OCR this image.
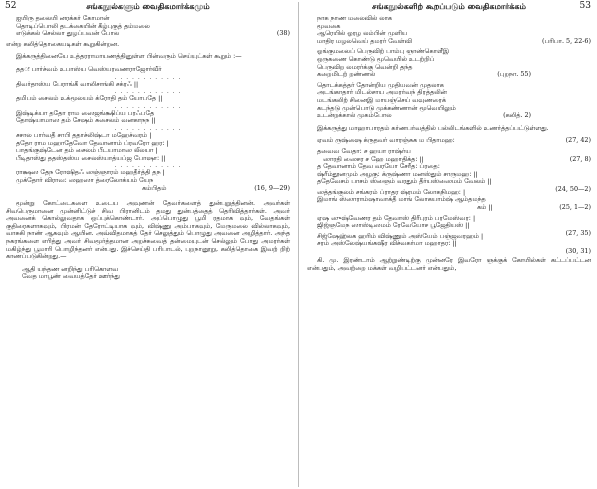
52	சங்கநூல்களும் வைதிகமார்க்கமும்
ஐயிரு தலையி னரக்கர் கோமான்
தொடிப்பொலி தடக்கையின் கீழ்புகுத் தம்மலை
எடுக்கல் செல்லா துழப்பவன் போல	(38)
என்ற கலித்தொகையடிகள் கூறுகின்றன.

இக்கருத்தினையே உத்தரராமாயணத்தினுள்ள பின்வரும் செய்யுட்கள் கூறும் :—

ததः பார்ச்வம் உபாஸ்ய வெஸ்யரவணராஜோர்வீர்
. . . . . . . . . . . .
திவர்தாஸ்ய பேராங்கீ வாலிசாங்கி சக்ரஃ ||
. . . . . . . . . . . .
தமிபம் சைலம் உக்மூலயம் க்ரோதி தம் யோபதே ||
. . . . . . . . . . . .
இஷ்டிக்யா ததோ ராம ஸைஜங்க்ஷிப்ய பரஃபதே
தோஷ்யாமாஸ தம் சேஷம் சுசைலம் வனகாநந ||
. . . . . . . . . . . .
சசால பார்வதீ சாபி ததாச்லிஷ்டா மஹேச்வரம் |
ததோ ராம மஹாதேவோ தேவானாம் ப்ரவரோ ஹர: |
பாதங்குஷ்டேன தம் சைலம் பீடயாமாஸ லீலயா |
பீடிதாஸ்து ததஸ்தஸ்ய சைலஸ்யாத்யப்ஜ போஷா: ||
. . . . . . . . . . . .
ராக்ஷஸ தேந ரோஷிதஃ ஸஞ்ஞாரம் மஹதீர்த்தி தந |
முக்தோர் விராவ: ஸஹஸா த்ரைலோக்யம் யேந
கம்பிதம்	(16, 9—29)

மூன்று கோட்டைகளை உடைய அவுணன் தேவர்களைத் துன்புறுத்தினன். அவர்கள் சிவபெருமானை முன்னிட்டுச் சிவ பிரானிடம் தமது துன்பத்தைத் தெரிவித்தார்கள். அவர் அவனைக் கொல்லுவதாக ஒப்புக்கொண்டார். அப்பொழுது பூமி ரதமாக வும், வேதங்கள் குதிரைகளாகவும், பிரமன் தேரோட்டியாக வும், விஷ்ணு அம்பாகவும், மேருமலை வில்லாகவும், வாசுகி நாண் ஆகவும் ஆயின. அவ்விதமாகத் தேர் செலுத்தும் பொழுது அவனை அழித்தார். அந்த நகரங்களை எரித்து அவர் சிவமூர்த்தமான அறச்சுவைத் தன்மையுடன் செல்லும் போது அமரர்கள் மகிழ்ந்து பூமாரி பொழிந்தனர் என்பது. இச்செய்தி பரிபாடல், புறநானூறு, கலித்தொகை இவற் றிற் காணப்படுகின்றது.—

ஆதி யந்தண னறிந்து பரிகொளவ
வேத மாபூண் வையத்தேர் ஊர்ந்து
சங்கநூல்களிற் கூறப்படும் வைதிகமார்க்கம்	53
நாக நாண மலைவில் லாக
மூவகை
ஆரெயில் ஓரழ லம்பின் முளிய
மாதிர மழலவெய் தமரர் வேள்வி	(பரிபா. 5, 22-6)
ஓங்குமலைப் பெருவிற் பாம்பு ஞாண்கொளீஇ
ஒருகணை கொண்டு மூவெயில் உடற்றிப்
பெருவிற லமரர்க்கு வென்றி தந்த
கறைமிடற் றண்ணல்	(புறநா. 55)
தொடக்கத்தர் தோன்றிய முதியவன் முதலாக
அடங்காதார் மிடல்சாய அமரர்வந் திரத்தலின்
மடங்கலிற் சினைஇ மாயஞ்செய் வவுணரைக்
கடந்தடு முன்பொடு முக்கண்ணான் மூவெயிலும்
உடன்றக்கால் முகம்போல	(கலித். 2)

இக்கருத்து மாஹாபாரதம் கர்ணபர்வத்தில் பல்லிடங்களில் உணர்த்தப்பட்டுள்ளது.

ஏவம் ருஷ்ஷை க்ருதவர் வாரஞ்சுக ம பிதாமஹ:	(27, 42)
தவைவ வேதா: ச ஹயா ராஷ்ர்ய
ஸாரதி ஸைசர ச ஹே மஹாதிக்த: ||	(27, 8)
த தேவானாம் தேவ வரயோ சேரீத: ப்ரதை:
ஷ்ரீம்தூனமும் அழகு: க்ருஷ்ணா மனஸ்தும் சாருமஹ: ||
ததேவேசம் பாசம் ஸ்ஞைம் வரதும் தீர்யஸ்ஸைமம் வேலம் ||
(24, 50—2)
ஸத்தங்குலம் சங்கரம் ப்ராதர ஷ்ரமம் லோகநிமஹ: |
இமாங் ஸ்ஸாராம்ஷாவாக்தீ மாங் லோகயாம்ஷ் ஆம்தமந்த
கம் ||	(25, 1—2)
ஏஷ ஸுஷ்வேணர தம் தேவாஸ் திரீபுரம் பரமேஸ்வர: |
ஜிஜ்ஞமேந ஸாஸ்டிஸமம் ரேவேயோச பூஜேதியஸ் ||
(27, 35)
சிஜ்ஷேஹ்லக ஹரிம் விஷ்ணும் அஸ்யேம் பஞ்ஜவரஹம் |
சரம் அஸ்லேஷ்யங்கஷீர விச்வகர்மா மஹாதர: ||
(30, 31)

கி. மு. இரண்டாம் ஆற்றுண்டிற்கு முன்னரே இவரோ ஞக்குக் கோயில்கள் கட்டப்பட்டன என்பதும், அவற்றை மக்கள் வழிபட்டனர் என்பதும்,
